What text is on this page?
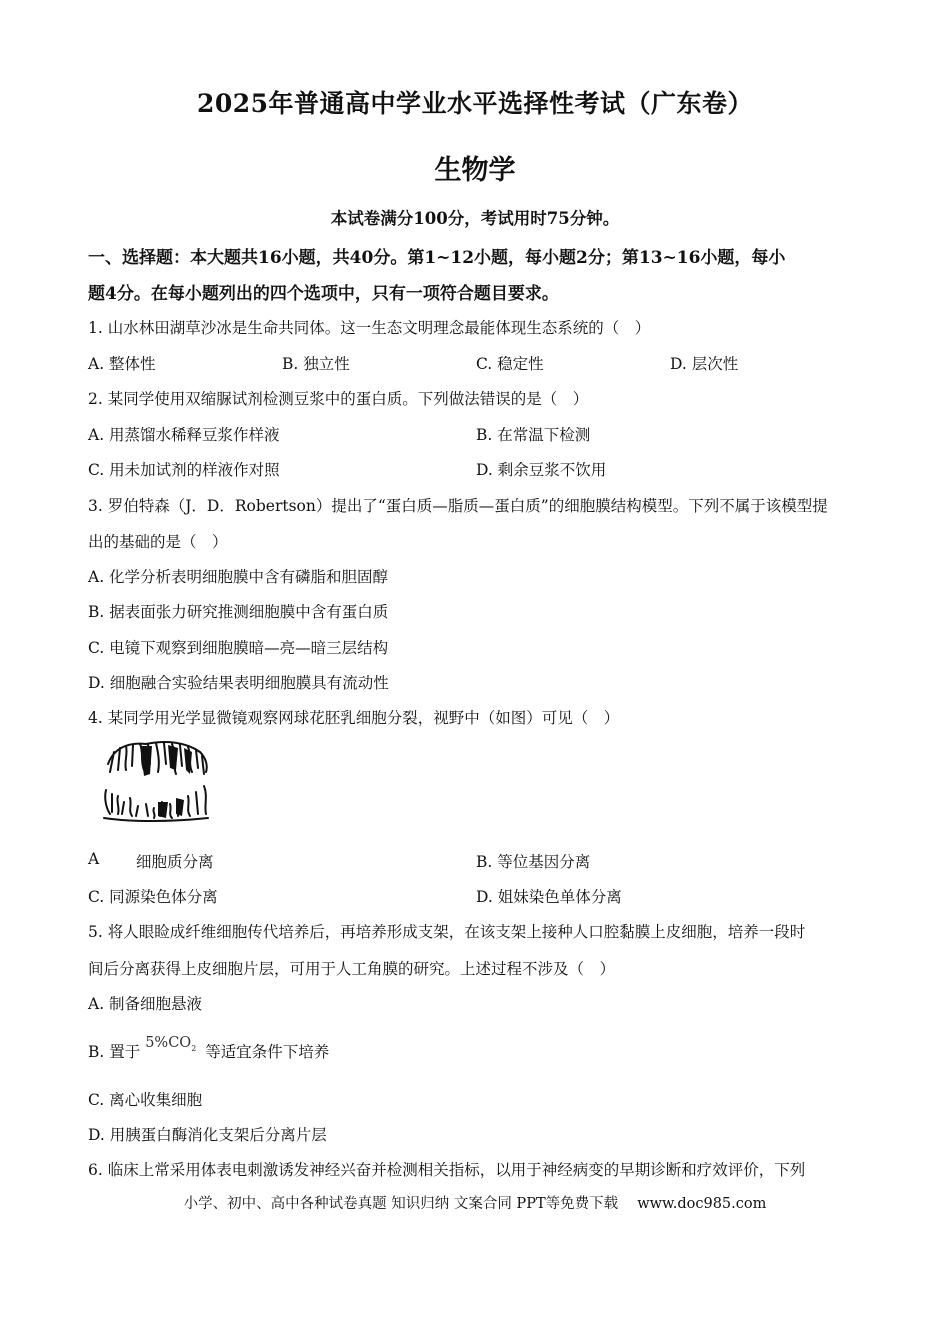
2025年普通高中学业水平选择性考试（广东卷）
生物学
本试卷满分100分，考试用时75分钟。
一、选择题：本大题共16小题，共40分。第1~12小题，每小题2分；第13~16小题，每小
题4分。在每小题列出的四个选项中，只有一项符合题目要求。
1. 山水林田湖草沙冰是生命共同体。这一生态文明理念最能体现生态系统的（　）
A. 整体性	B. 独立性	C. 稳定性	D. 层次性
2. 某同学使用双缩脲试剂检测豆浆中的蛋白质。下列做法错误的是（　）
A. 用蒸馏水稀释豆浆作样液	B. 在常温下检测
C. 用未加试剂的样液作对照	D. 剩余豆浆不饮用
3. 罗伯特森（J．D．Robertson）提出了“蛋白质—脂质—蛋白质”的细胞膜结构模型。下列不属于该模型提
出的基础的是（　）
A. 化学分析表明细胞膜中含有磷脂和胆固醇
B. 据表面张力研究推测细胞膜中含有蛋白质
C. 电镜下观察到细胞膜暗—亮—暗三层结构
D. 细胞融合实验结果表明细胞膜具有流动性
4. 某同学用光学显微镜观察网球花胚乳细胞分裂，视野中（如图）可见（　）
A 细胞质分离	B. 等位基因分离
C. 同源染色体分离	D. 姐妹染色单体分离
5. 将人眼睑成纤维细胞传代培养后，再培养形成支架，在该支架上接种人口腔黏膜上皮细胞，培养一段时
间后分离获得上皮细胞片层，可用于人工角膜的研究。上述过程不涉及（　）
A. 制备细胞悬液
B. 置于 $5\%CO_2$ 等适宜条件下培养
C. 离心收集细胞
D. 用胰蛋白酶消化支架后分离片层
6. 临床上常采用体表电刺激诱发神经兴奋并检测相关指标，以用于神经病变的早期诊断和疗效评价，下列
小学、初中、高中各种试卷真题 知识归纳 文案合同 PPT等免费下载　 www.doc985.com
